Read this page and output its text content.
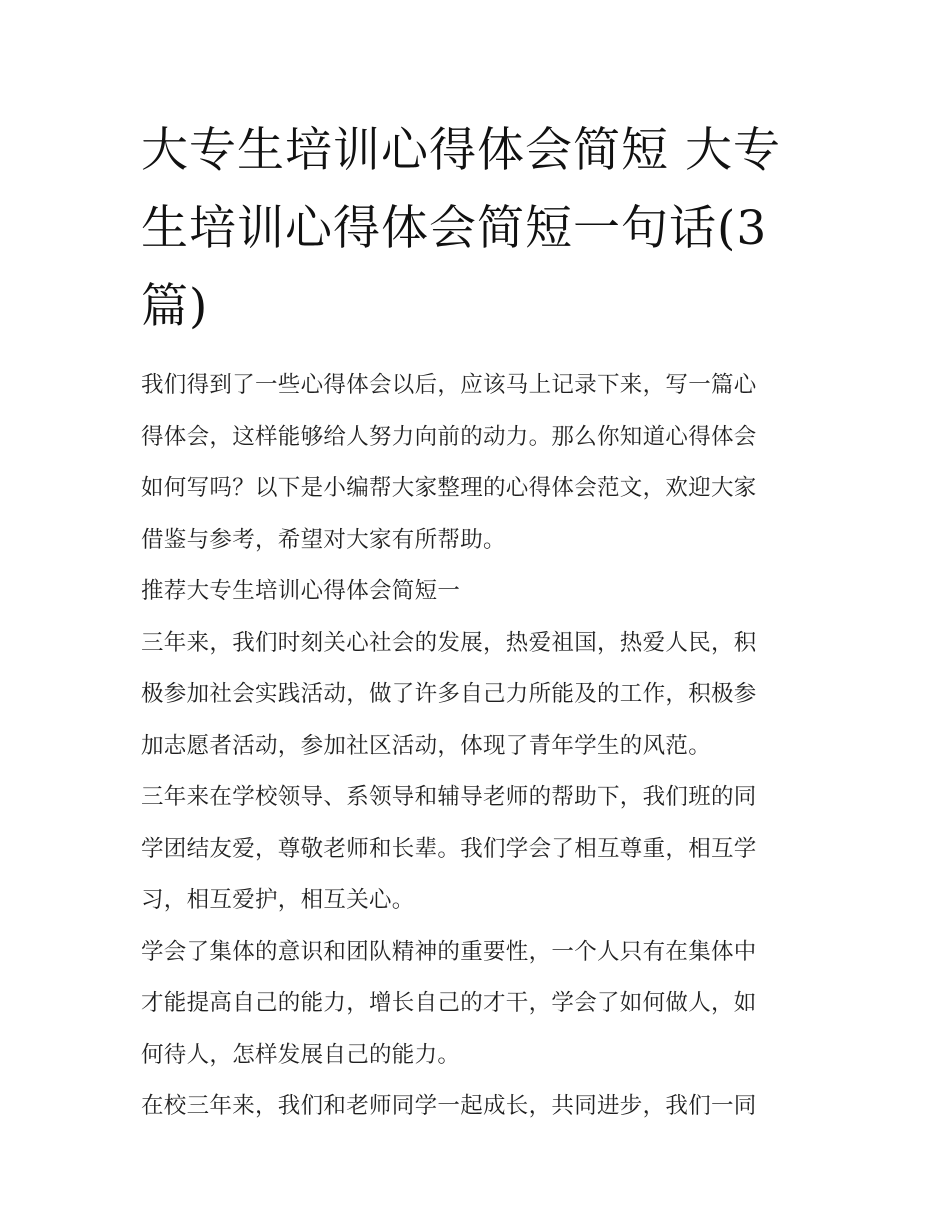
大专生培训心得体会简短 大专
生培训心得体会简短一句话(3
篇)
我们得到了一些心得体会以后，应该马上记录下来，写一篇心
得体会，这样能够给人努力向前的动力。那么你知道心得体会
如何写吗？以下是小编帮大家整理的心得体会范文，欢迎大家
借鉴与参考，希望对大家有所帮助。
推荐大专生培训心得体会简短一
三年来，我们时刻关心社会的发展，热爱祖国，热爱人民，积
极参加社会实践活动，做了许多自己力所能及的工作，积极参
加志愿者活动，参加社区活动，体现了青年学生的风范。
三年来在学校领导、系领导和辅导老师的帮助下，我们班的同
学团结友爱，尊敬老师和长辈。我们学会了相互尊重，相互学
习，相互爱护，相互关心。
学会了集体的意识和团队精神的重要性，一个人只有在集体中
才能提高自己的能力，增长自己的才干，学会了如何做人，如
何待人，怎样发展自己的能力。
在校三年来，我们和老师同学一起成长，共同进步，我们一同
